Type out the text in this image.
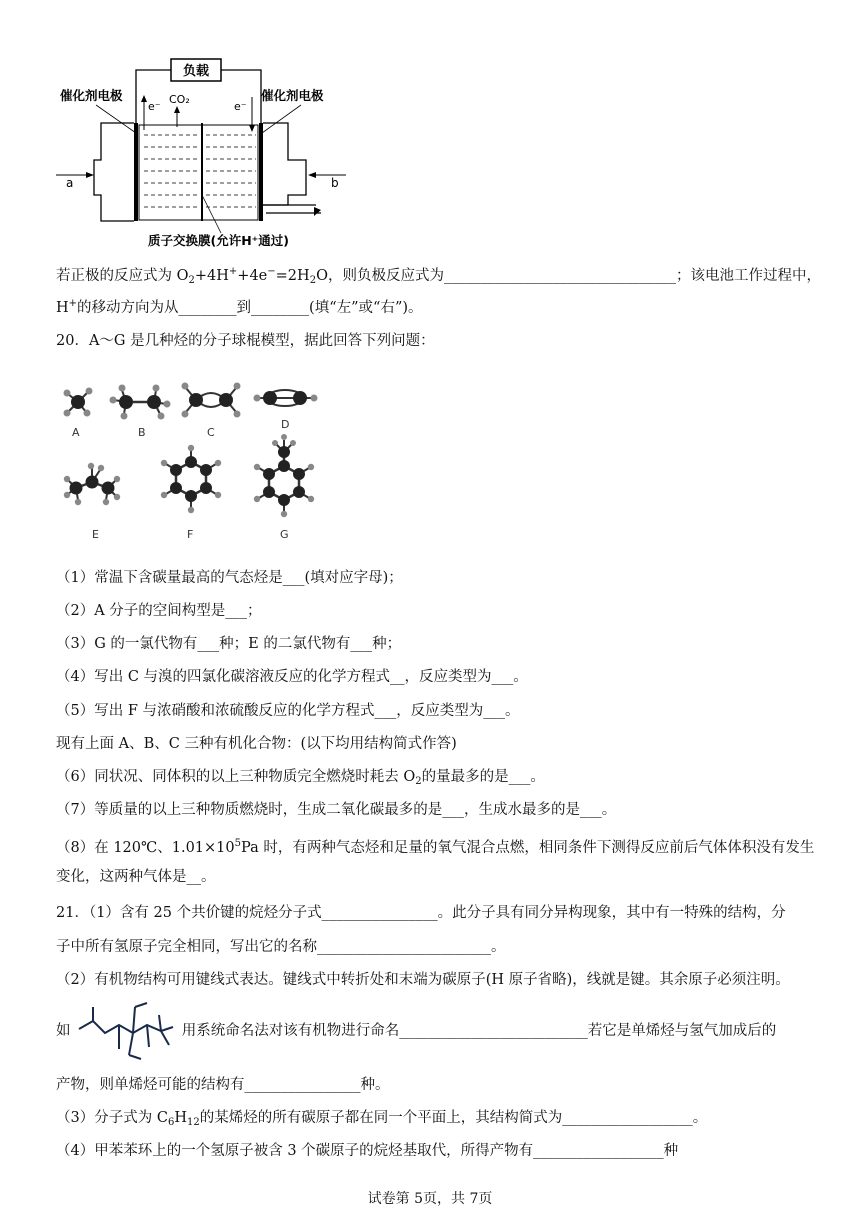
负载
a	b
e⁻	e⁻
CO₂
催化剂电极	催化剂电极
质子交换膜(允许H⁺通过)
若正极的反应式为 $O_2+4H^++4e^-=2H_2O$，则负极反应式为________________________________；该电池工作过程中，
H+的移动方向为从________到________(填“左”或“右”)。
20．A～G 是几种烃的分子球棍模型，据此回答下列问题：
A	B	C
D
E	F	G
（1）常温下含碳量最高的气态烃是___(填对应字母)；
（2）A 分子的空间构型是___；
（3）G 的一氯代物有___种；E 的二氯代物有___种；
（4）写出 C 与溴的四氯化碳溶液反应的化学方程式__，反应类型为___。
（5）写出 F 与浓硝酸和浓硫酸反应的化学方程式___，反应类型为___。
现有上面 A、B、C 三种有机化合物：(以下均用结构简式作答)
（6）同状况、同体积的以上三种物质完全燃烧时耗去 $O_2$的量最多的是___。
（7）等质量的以上三种物质燃烧时，生成二氧化碳最多的是___，生成水最多的是___。
（8）在 120℃、$1.01\times 10^5Pa$ 时，有两种气态烃和足量的氧气混合点燃，相同条件下测得反应前后气体体积没有发生
变化，这两种气体是__。
21．（1）含有 25 个共价键的烷烃分子式________________。此分子具有同分异构现象，其中有一特殊的结构，分
子中所有氢原子完全相同，写出它的名称________________________。
（2）有机物结构可用键线式表达。键线式中转折处和末端为碳原子(H 原子省略)，线就是键。其余原子必须注明。
如	用系统命名法对该有机物进行命名__________________________若它是单烯烃与氢气加成后的
产物，则单烯烃可能的结构有________________种。
（3）分子式为 $C_6H_{12}$的某烯烃的所有碳原子都在同一个平面上，其结构简式为__________________。
（4）甲苯苯环上的一个氢原子被含 3 个碳原子的烷烃基取代，所得产物有__________________种
试卷第 5页，共 7页
